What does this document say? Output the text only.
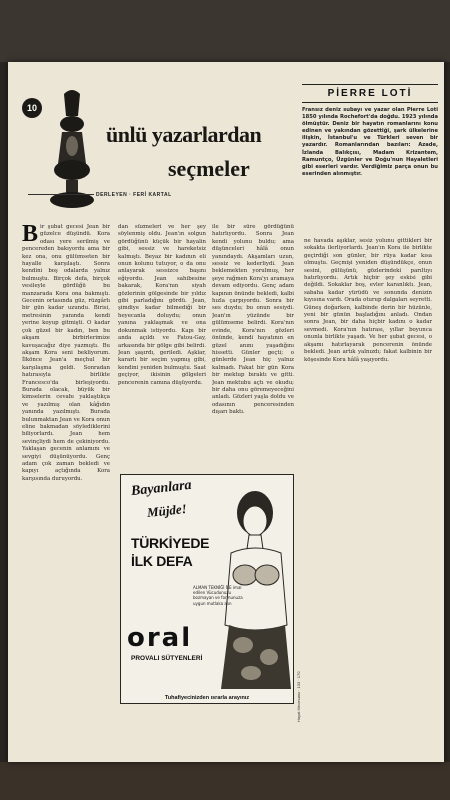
10
ünlü yazarlardan
seçmeler
DERLEYEN · FERİ KARTAL
PİERRE LOTİ
Fransız deniz subayı ve yazar olan Pierre Loti 1850 yılında Rochefort'da doğdu. 1923 yılında ölmüştür. Deniz bir hayatın romanlarını konu edinen ve yakından gözettiği, şark ülkelerine ilişkin, İstanbul'u ve Türkleri seven bir yazardır. Romanlarından bazıları: Azade, İzlanda Balıkçısı, Madam Krizantem, Ramuntço, Üzgünler ve Doğu'nun Hayaletleri gibi eserleri vardır. Verdiğimiz parça onun bu eserinden alınmıştır.
B ir şubat gecesi Jean bir güzelce düşündü. Kora odası yere serilmiş ve pencereden bakıyordu ama bir kez ona, onu gülümseten bir hayalle karşılaştı. Sonra kendini boş odalarda yalnız bulmuştu. Birçok defa, birçok vesileyle gördüğü bu manzarada Kora ona bakmıştı. Gecenin ortasında güz, rüzgârlı bir gün kadar uzundu. Birisi, metresinin yanında kendi yerine koyup gitmişti. O kadar çok güzel bir kadın, ben bu akşam birbirlerimize kavuşacağız diye yazmıştı. Bu akşam Kora seni bekliyorum. İlkönce Jean'a meçhul bir karşılaşma geldi. Sonradan hatırasıyla birlikte Francesco'da birleşiyordu. Burada olacak, büyük bir kimselerin cevabı yaklaştıkça ve yazılmış olan kâğıdın yanında yazılmıştı. Burada bulunmaktan Jean ve Kora onun eline bakmadan söylediklerini biliyorlardı. Jean hem sevinçliydi hem de çekiniyordu. Yaklaşan gecenin anlamını ve sevgiyi düşünüyordu. Genç adam çok zaman bekledi ve kapıyı açtığında Kora karşısında duruyordu.
dan süzmeleri ve her şey söylenmiş oldu. Jean'ın solgun gördüğünü küçük bir hayalin gibi, sessiz ve hareketsiz kalmıştı. Beyaz bir kadının eli onun kolunu tutuyor, o da onu anlayarak sessizce başını eğiyordu. Jean sahibesine bakarak, Kora'nın siyah gözlerinin gölgesinde bir yıldız gibi parladığını gördü. Jean, şimdiye kadar bilmediği bir heyecanla doluydu; onun yanına yaklaşmak ve ona dokunmak istiyordu. Kapı bir anda açıldı ve Fatou-Gay, arkasında bir gölge gibi belirdi. Jean şaşırdı, geriledi. Aşklar, kararlı bir seçim yapmış gibi, kendini yeniden bulmuştu. Saat geçiyor, ikisinin gölgeleri pencerenin camına düşüyordu.
ile bir süre gördüğünü hatırlıyordu. Sonra Jean kendi yolunu buldu; ama düşünceleri hâlâ onun yanındaydı. Akşamları uzun, sessiz ve kederliydi. Jean beklemekten yorulmuş, her şeye rağmen Kora'yı aramaya devam ediyordu. Genç adam kapının önünde bekledi, kalbi hızla çarpıyordu. Sonra bir ses duydu; bu onun sesiydi. Jean'ın yüzünde bir gülümseme belirdi. Kora'nın evinde, Kora'nın gözleri önünde, kendi hayatının en güzel anını yaşadığını hissetti. Günler geçti; o günlerde Jean hiç yalnız kalmadı. Fakat bir gün Kora bir mektup bıraktı ve gitti. Jean mektubu açtı ve okudu; bir daha onu göremeyeceğini anladı. Gözleri yaşla doldu ve odasının penceresinden dışarı baktı.
ne havada aşıklar, sesiz yolunu gittikleri bir sokakta ilerliyorlardı. Jean'ın Kora ile birlikte geçirdiği son günler, bir rüya kadar kısa olmuştu. Geçmişi yeniden düşündükçe, onun sesini, gülüşünü, gözlerindeki parıltıyı hatırlıyordu. Artık hiçbir şey eskisi gibi değildi. Sokaklar boş, evler karanlıktı. Jean, sabaha kadar yürüdü ve sonunda denizin kıyısına vardı. Orada oturup dalgaları seyretti. Güneş doğarken, kalbinde derin bir hüzünle, yeni bir günün başladığını anladı. Ondan sonra Jean, bir daha hiçbir kadını o kadar sevmedi. Kora'nın hatırası, yıllar boyunca onunla birlikte yaşadı. Ve her şubat gecesi, o akşamı hatırlayarak pencerenin önünde bekledi. Jean artık yalnızdı; fakat kalbinin bir köşesinde Kora hâlâ yaşıyordu.
Bayanlara
Müjde!
TÜRKİYEDE
İLK DEFA
ALMAN TEKNİĞİ İLE imal edilen Vücudunuzu bozmayan ve formunuza uygun mutlaka alın
oral
PROVALI SÜTYENLERİ
Tuhafiyecinizden ısrarla arayınız	Hayat Mecmuası · 133 · 170
